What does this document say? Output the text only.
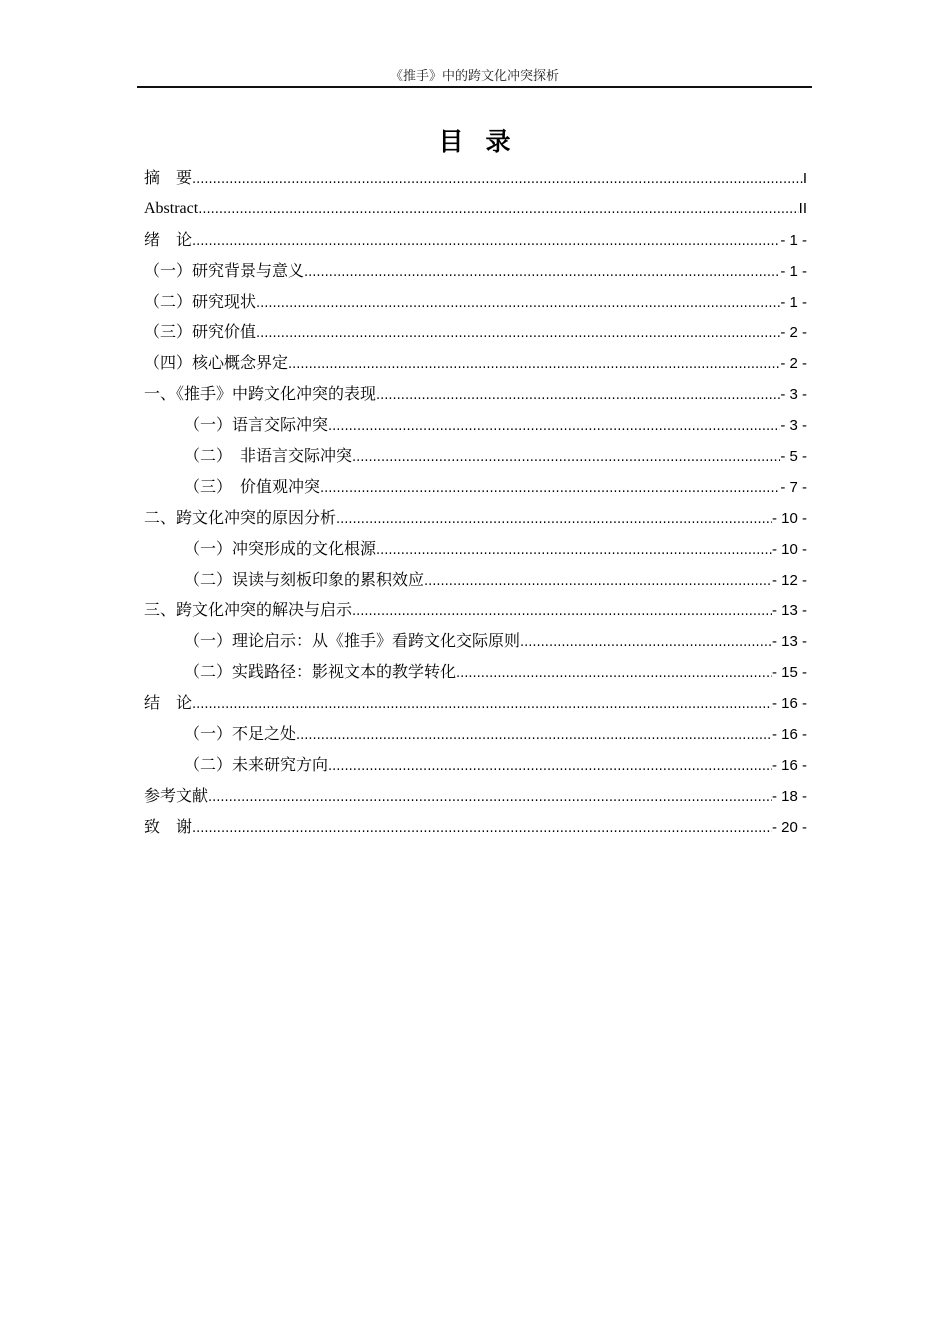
《推手》中的跨文化冲突探析
目录
摘　要 .....	I
Abstract .....	II
绪　论 .....	- 1 -
（一）研究背景与意义 .....	- 1 -
（二）研究现状 .....	- 1 -
（三）研究价值 .....	- 2 -
（四）核心概念界定 .....	- 2 -
一、《推手》中跨文化冲突的表现 .....	- 3 -
（一）语言交际冲突 .....	- 3 -
（二）　非语言交际冲突 .....	- 5 -
（三）　价值观冲突 .....	- 7 -
二、跨文化冲突的原因分析 .....	- 10 -
（一）冲突形成的文化根源 .....	- 10 -
（二）误读与刻板印象的累积效应 .....	- 12 -
三、跨文化冲突的解决与启示 .....	- 13 -
（一）理论启示：从《推手》看跨文化交际原则 .....	- 13 -
（二）实践路径：影视文本的教学转化 .....	- 15 -
结　论 .....	- 16 -
（一）不足之处 .....	- 16 -
（二）未来研究方向 .....	- 16 -
参考文献 .....	- 18 -
致　谢 .....	- 20 -
